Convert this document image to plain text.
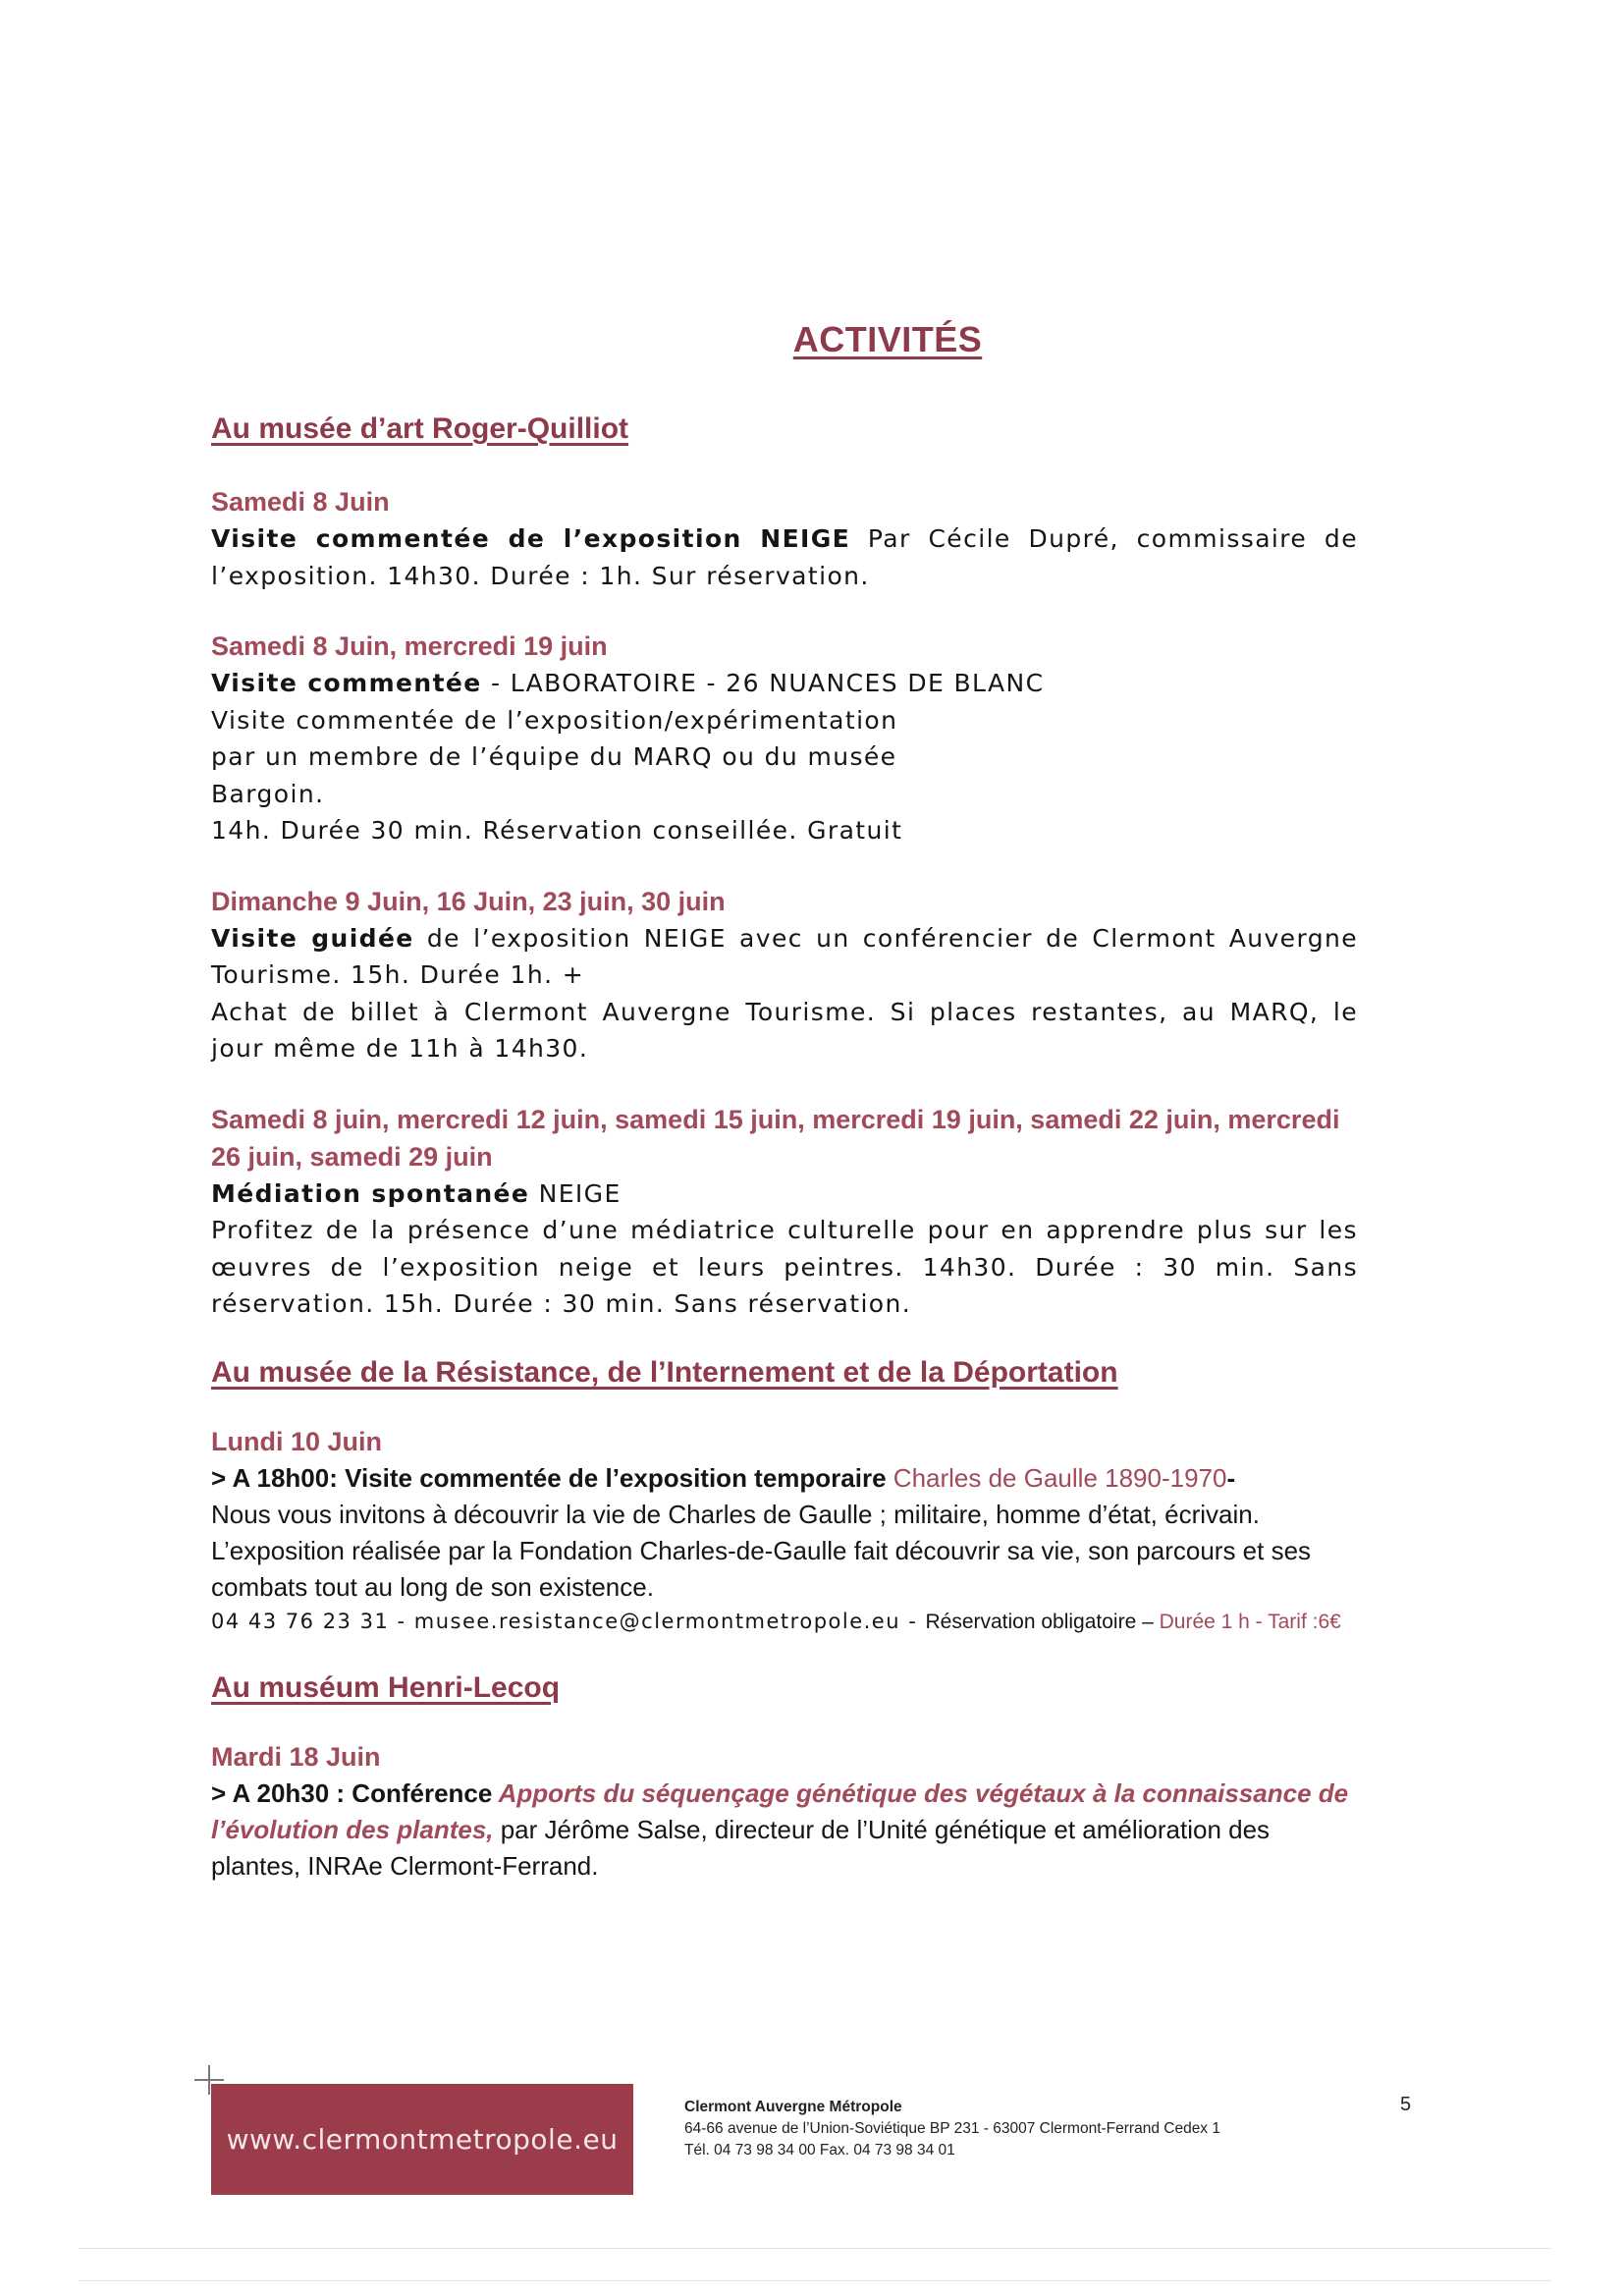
ACTIVITÉS
Au musée d’art Roger-Quilliot

Samedi 8 Juin

Visite commentée de l’exposition NEIGE Par Cécile Dupré, commissaire de l’exposition. 14h30. Durée : 1h. Sur réservation.

Samedi 8 Juin, mercredi 19 juin

Visite commentée - LABORATOIRE - 26 NUANCES DE BLANC

Visite commentée de l’exposition/expérimentation

par un membre de l’équipe du MARQ ou du musée

Bargoin.

14h. Durée 30 min. Réservation conseillée. Gratuit

Dimanche 9 Juin, 16 Juin, 23 juin, 30 juin

Visite guidée de l’exposition NEIGE avec un conférencier de Clermont Auvergne Tourisme. 15h. Durée 1h. +

Achat de billet à Clermont Auvergne Tourisme. Si places restantes, au MARQ, le jour même de 11h à 14h30.

Samedi 8 juin, mercredi 12 juin, samedi 15 juin, mercredi 19 juin, samedi 22 juin, mercredi 26 juin, samedi 29 juin

Médiation spontanée NEIGE

Profitez de la présence d’une médiatrice culturelle pour en apprendre plus sur les œuvres de l’exposition neige et leurs peintres. 14h30. Durée : 30 min. Sans réservation. 15h. Durée : 30 min. Sans réservation.

Au musée de la Résistance, de l’Internement et de la Déportation

Lundi 10 Juin

> A 18h00: Visite commentée de l’exposition temporaire Charles de Gaulle 1890-1970-

Nous vous invitons à découvrir la vie de Charles de Gaulle ; militaire, homme d’état, écrivain.

L’exposition réalisée par la Fondation Charles-de-Gaulle fait découvrir sa vie, son parcours et ses combats tout au long de son existence.

04 43 76 23 31 - musee.resistance@clermontmetropole.eu - Réservation obligatoire – Durée 1 h - Tarif :6€

Au muséum Henri-Lecoq

Mardi 18 Juin

> A 20h30 : Conférence Apports du séquençage génétique des végétaux à la connaissance de l’évolution des plantes, par Jérôme Salse, directeur de l’Unité génétique et amélioration des plantes, INRAe Clermont-Ferrand.

www.clermontmetropole.eu
Clermont Auvergne Métropole
64-66 avenue de l’Union-Soviétique BP 231 - 63007 Clermont-Ferrand Cedex 1
Tél. 04 73 98 34 00 Fax. 04 73 98 34 01
5
